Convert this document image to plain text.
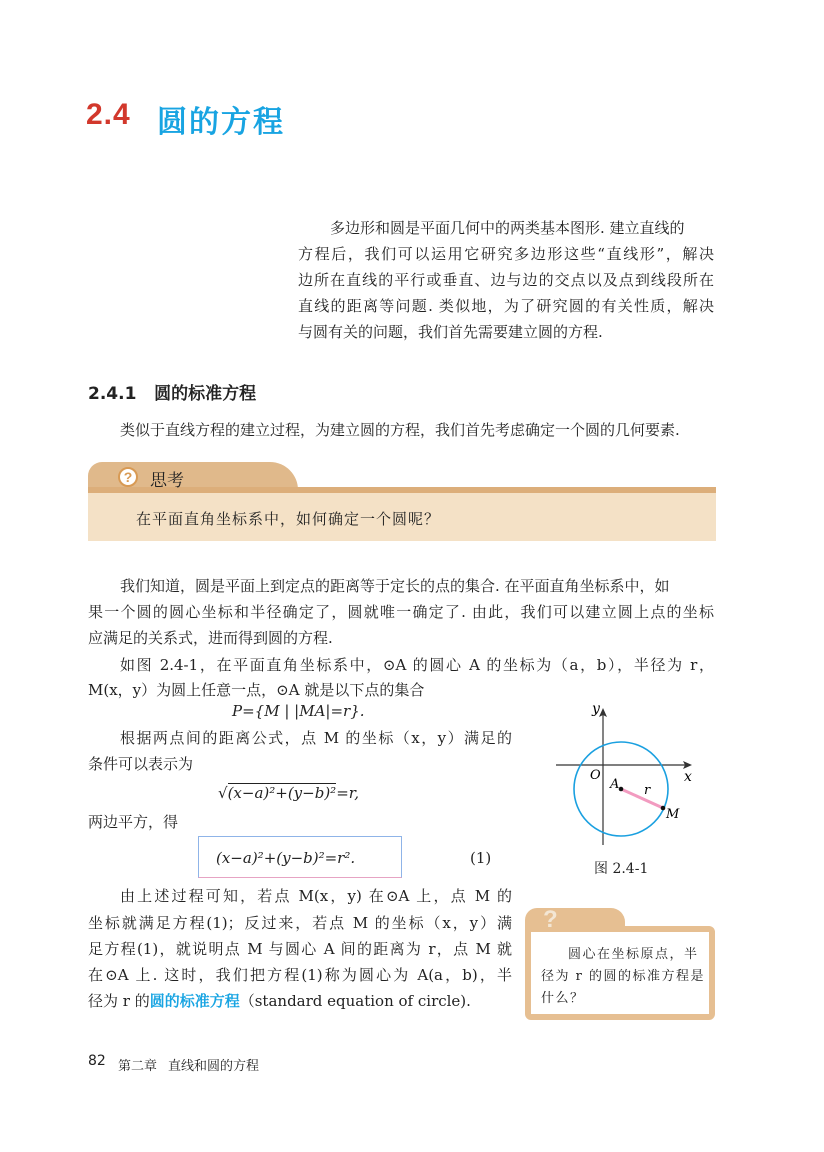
2.4 圆的方程
多边形和圆是平面几何中的两类基本图形. 建立直线的
方程后，我们可以运用它研究多边形这些“直线形”，解决
边所在直线的平行或垂直、边与边的交点以及点到线段所在
直线的距离等问题. 类似地，为了研究圆的有关性质，解决
与圆有关的问题，我们首先需要建立圆的方程.
2.4.1 圆的标准方程
类似于直线方程的建立过程，为建立圆的方程，我们首先考虑确定一个圆的几何要素.
?	思考
在平面直角坐标系中，如何确定一个圆呢？
我们知道，圆是平面上到定点的距离等于定长的点的集合. 在平面直角坐标系中，如
果一个圆的圆心坐标和半径确定了，圆就唯一确定了. 由此，我们可以建立圆上点的坐标
应满足的关系式，进而得到圆的方程.
如图 2.4-1，在平面直角坐标系中，⊙A 的圆心 A 的坐标为（a，b），半径为 r，
M(x，y）为圆上任意一点，⊙A 就是以下点的集合
P={M | |MA|=r}.
根据两点间的距离公式，点 M 的坐标（x，y）满足的
条件可以表示为
√(x−a)²+(y−b)²=r,
两边平方，得
(x−a)²+(y−b)²=r².	(1)
由上述过程可知，若点 M(x，y) 在⊙A 上，点 M 的
坐标就满足方程(1)；反过来，若点 M 的坐标（x，y）满
足方程(1)，就说明点 M 与圆心 A 间的距离为 r，点 M 就
在⊙A 上. 这时，我们把方程(1)称为圆心为 A(a，b)，半
径为 r 的圆的标准方程（standard equation of circle).
y
x
O
A r
M
图 2.4-1
?
圆心在坐标原点，半
径为 r 的圆的标准方程是
什么？
82 第二章 直线和圆的方程
